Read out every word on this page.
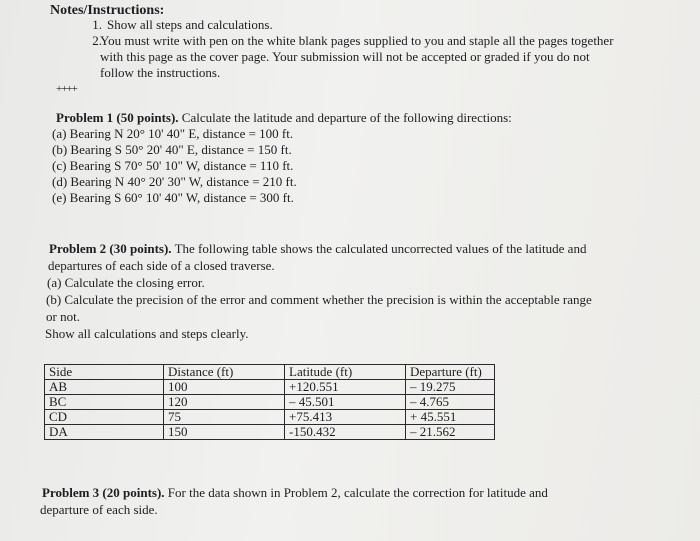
Notes/Instructions:
1. Show all steps and calculations.
2.
You must write with pen on the white blank pages supplied to you and staple all the pages together
with this page as the cover page. Your submission will not be accepted or graded if you do not
follow the instructions.
++++
Problem 1 (50 points). Calculate the latitude and departure of the following directions:
(a) Bearing N 20° 10' 40" E, distance = 100 ft.
(b) Bearing S 50° 20' 40" E, distance = 150 ft.
(c) Bearing S 70° 50' 10" W, distance = 110 ft.
(d) Bearing N 40° 20' 30" W, distance = 210 ft.
(e) Bearing S 60° 10' 40" W, distance = 300 ft.
Problem 2 (30 points). The following table shows the calculated uncorrected values of the latitude and
departures of each side of a closed traverse.
(a) Calculate the closing error.
(b) Calculate the precision of the error and comment whether the precision is within the acceptable range
or not.
Show all calculations and steps clearly.
Side	Distance (ft)	Latitude (ft)	Departure (ft)
AB	100	+120.551	– 19.275
BC	120	– 45.501	– 4.765
CD	75	+75.413	+ 45.551
DA	150	-150.432	– 21.562
Problem 3 (20 points). For the data shown in Problem 2, calculate the correction for latitude and
departure of each side.
